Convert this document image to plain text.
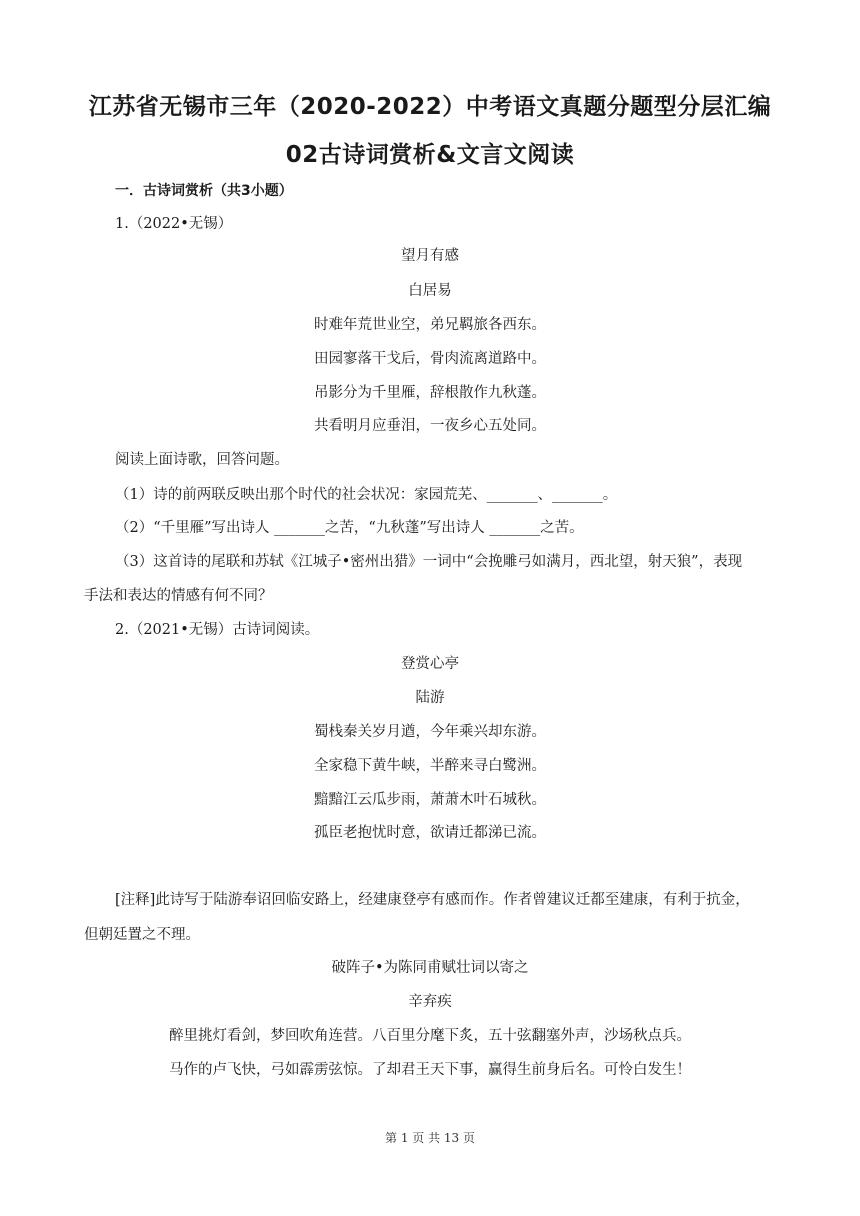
江苏省无锡市三年（2020-2022）中考语文真题分题型分层汇编
02古诗词赏析&文言文阅读
一．古诗词赏析（共3小题）
1.（2022•无锡）
望月有感
白居易
时难年荒世业空，弟兄羁旅各西东。
田园寥落干戈后，骨肉流离道路中。
吊影分为千里雁，辞根散作九秋蓬。
共看明月应垂泪，一夜乡心五处同。
阅读上面诗歌，回答问题。
（1）诗的前两联反映出那个时代的社会状况：家园荒芜、_______、_______。
（2）“千里雁”写出诗人 _______之苦，“九秋蓬”写出诗人 _______之苦。
（3）这首诗的尾联和苏轼《江城子•密州出猎》一词中“会挽雕弓如满月，西北望，射天狼”，表现
手法和表达的情感有何不同？
2.（2021•无锡）古诗词阅读。
登赏心亭
陆游
蜀栈秦关岁月遒，今年乘兴却东游。
全家稳下黄牛峡，半醉来寻白鹭洲。
黯黯江云瓜步雨，萧萧木叶石城秋。
孤臣老抱忧时意，欲请迁都涕已流。
[注释]此诗写于陆游奉诏回临安路上，经建康登亭有感而作。作者曾建议迁都至建康，有利于抗金，
但朝廷置之不理。
破阵子•为陈同甫赋壮词以寄之
辛弃疾
醉里挑灯看剑，梦回吹角连营。八百里分麾下炙，五十弦翻塞外声，沙场秋点兵。
马作的卢飞快，弓如霹雳弦惊。了却君王天下事，赢得生前身后名。可怜白发生！
第 1 页 共 13 页
